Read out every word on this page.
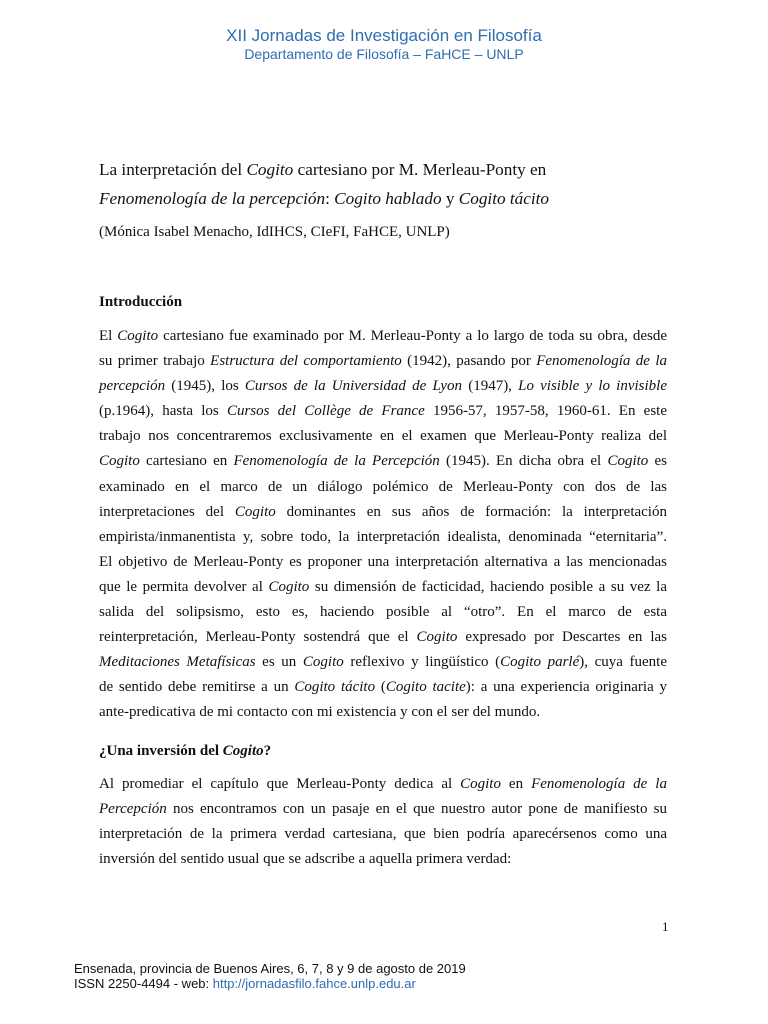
XII Jornadas de Investigación en Filosofía
Departamento de Filosofía – FaHCE – UNLP
La interpretación del Cogito cartesiano por M. Merleau-Ponty en
Fenomenología de la percepción: Cogito hablado y Cogito tácito
(Mónica Isabel Menacho, IdIHCS, CIeFI, FaHCE, UNLP)
Introducción
El Cogito cartesiano fue examinado por M. Merleau-Ponty a lo largo de toda su obra, desde
su primer trabajo Estructura del comportamiento (1942), pasando por Fenomenología de la
percepción (1945), los Cursos de la Universidad de Lyon (1947), Lo visible y lo invisible
(p.1964), hasta los Cursos del Collège de France 1956-57, 1957-58, 1960-61. En este
trabajo nos concentraremos exclusivamente en el examen que Merleau-Ponty realiza del
Cogito cartesiano en Fenomenología de la Percepción (1945). En dicha obra el Cogito es
examinado en el marco de un diálogo polémico de Merleau-Ponty con dos de las
interpretaciones del Cogito dominantes en sus años de formación: la interpretación
empirista/inmanentista y, sobre todo, la interpretación idealista, denominada “eternitaria”.
El objetivo de Merleau-Ponty es proponer una interpretación alternativa a las mencionadas
que le permita devolver al Cogito su dimensión de facticidad, haciendo posible a su vez la
salida del solipsismo, esto es, haciendo posible al “otro”. En el marco de esta
reinterpretación, Merleau-Ponty sostendrá que el Cogito expresado por Descartes en las
Meditaciones Metafísicas es un Cogito reflexivo y lingüístico (Cogito parlé), cuya fuente
de sentido debe remitirse a un Cogito tácito (Cogito tacite): a una experiencia originaria y
ante-predicativa de mi contacto con mi existencia y con el ser del mundo.
¿Una inversión del Cogito?
Al promediar el capítulo que Merleau-Ponty dedica al Cogito en Fenomenología de la
Percepción nos encontramos con un pasaje en el que nuestro autor pone de manifiesto su
interpretación de la primera verdad cartesiana, que bien podría aparecérsenos como una
inversión del sentido usual que se adscribe a aquella primera verdad:
1
Ensenada, provincia de Buenos Aires, 6, 7, 8 y 9 de agosto de 2019
ISSN 2250-4494 - web: http://jornadasfilo.fahce.unlp.edu.ar
